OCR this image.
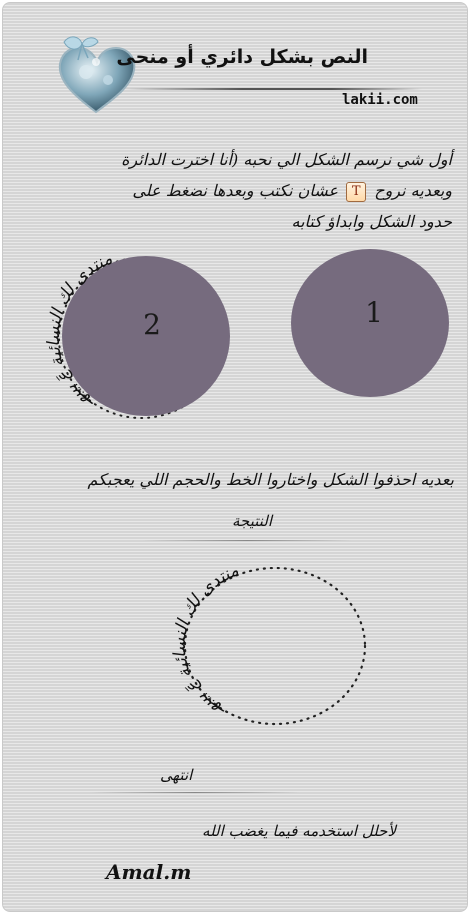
النص بشكل دائري أو منحى
lakii.com
أول شي نرسم الشكل الي نحبه (أنا اخترت الدائرة
وبعديه نروح T عشان نكتب وبعدها نضغط على
حدود الشكل وابداؤ كتابه
1
منتدى لك النسائية عَ بيبهـ
2
بعديه احذفوا الشكل واختاروا الخط والحجم اللي يعجبكم
النتيجة
منتدى لك النسائية عَ بيبهـ
انتهى
لأحلل استخدمه فيما يغضب الله
Amal.m
